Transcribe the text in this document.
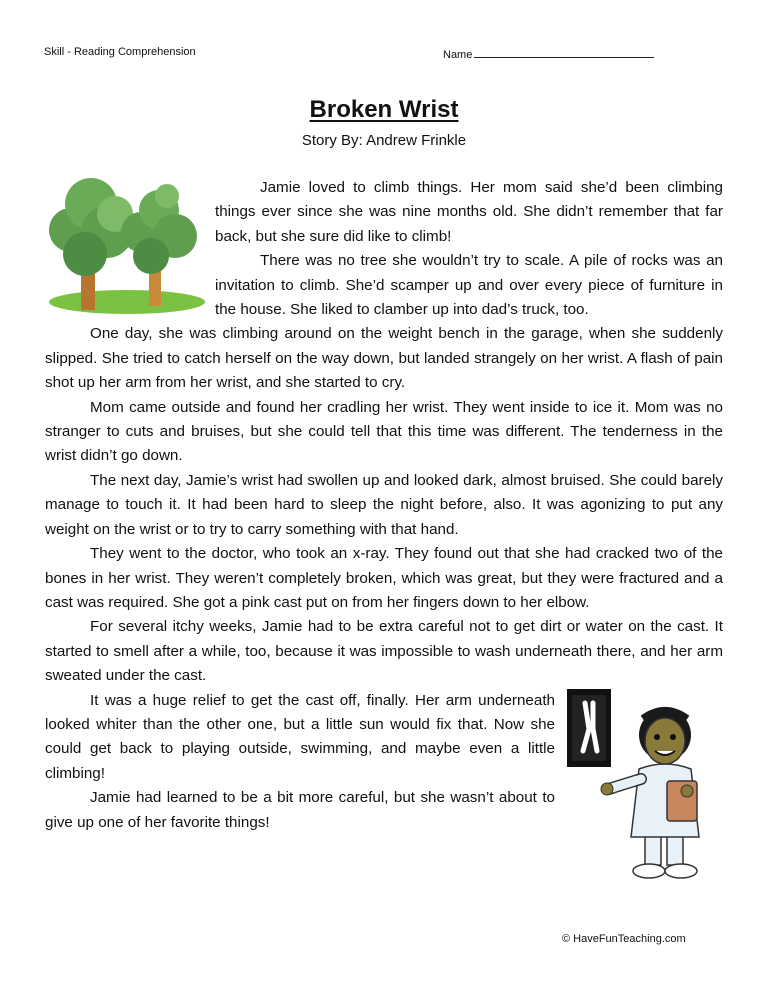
Skill - Reading Comprehension	Name
Broken Wrist
Story By: Andrew Frinkle

Jamie loved to climb things. Her mom said she’d been climbing things ever since she was nine months old. She didn’t remember that far back, but she sure did like to climb!

There was no tree she wouldn’t try to scale. A pile of rocks was an invitation to climb. She’d scamper up and over every piece of furniture in the house. She liked to clamber up into dad’s truck, too.

One day, she was climbing around on the weight bench in the garage, when she suddenly slipped. She tried to catch herself on the way down, but landed strangely on her wrist. A flash of pain shot up her arm from her wrist, and she started to cry.

Mom came outside and found her cradling her wrist. They went inside to ice it. Mom was no stranger to cuts and bruises, but she could tell that this time was different. The tenderness in the wrist didn’t go down.

The next day, Jamie’s wrist had swollen up and looked dark, almost bruised. She could barely manage to touch it. It had been hard to sleep the night before, also. It was agonizing to put any weight on the wrist or to try to carry something with that hand.

They went to the doctor, who took an x-ray. They found out that she had cracked two of the bones in her wrist. They weren’t completely broken, which was great, but they were fractured and a cast was required. She got a pink cast put on from her fingers down to her elbow.

For several itchy weeks, Jamie had to be extra careful not to get dirt or water on the cast. It started to smell after a while, too, because it was impossible to wash underneath there, and her arm sweated under the cast.

It was a huge relief to get the cast off, finally. Her arm underneath looked whiter than the other one, but a little sun would fix that. Now she could get back to playing outside, swimming, and maybe even a little climbing!

Jamie had learned to be a bit more careful, but she wasn’t about to give up one of her favorite things!

© HaveFunTeaching.com
